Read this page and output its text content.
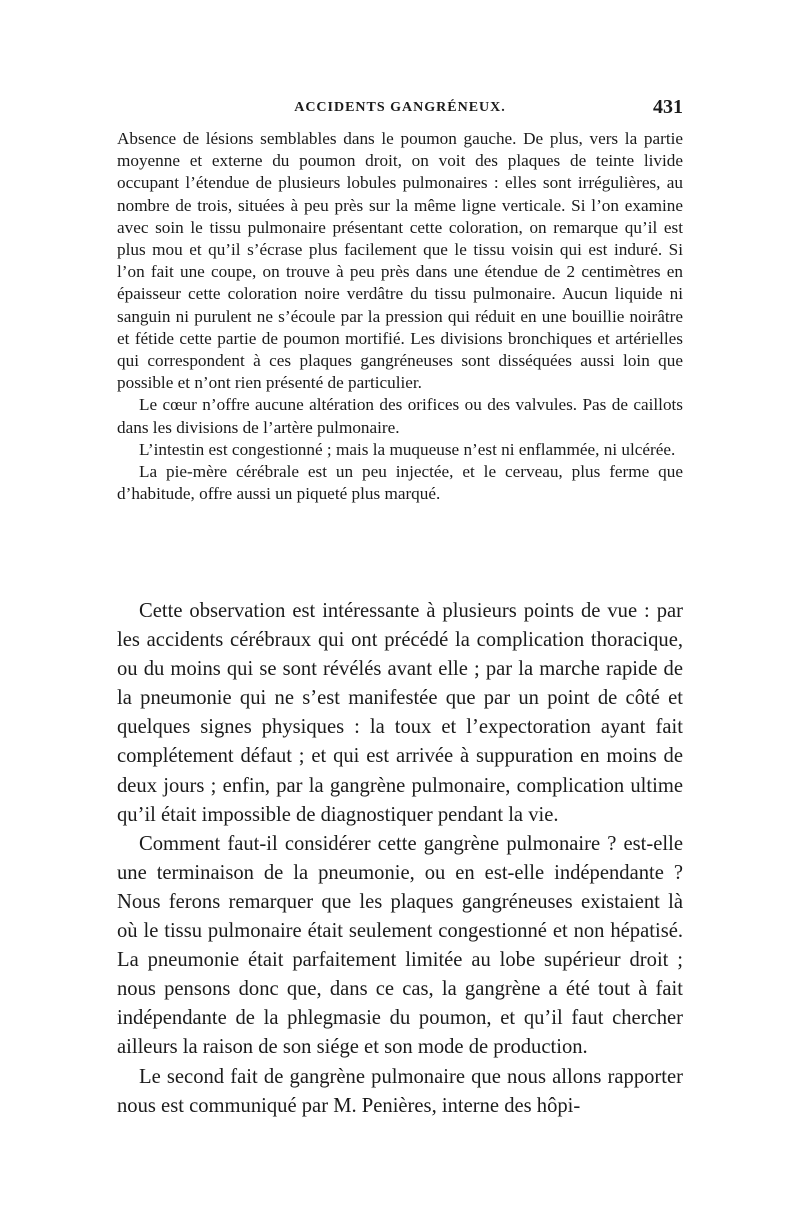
ACCIDENTS GANGRÉNEUX.	431

Absence de lésions semblables dans le poumon gauche. De plus, vers la partie moyenne et externe du poumon droit, on voit des plaques de teinte livide occupant l’étendue de plusieurs lobules pulmonaires : elles sont irrégulières, au nombre de trois, situées à peu près sur la même ligne verticale. Si l’on examine avec soin le tissu pulmonaire présentant cette coloration, on remarque qu’il est plus mou et qu’il s’écrase plus facilement que le tissu voisin qui est induré. Si l’on fait une coupe, on trouve à peu près dans une étendue de 2 centimètres en épaisseur cette coloration noire verdâtre du tissu pulmonaire. Aucun liquide ni sanguin ni purulent ne s’écoule par la pression qui réduit en une bouillie noirâtre et fétide cette partie de poumon mortifié. Les divisions bronchiques et artérielles qui correspondent à ces plaques gangréneuses sont disséquées aussi loin que possible et n’ont rien présenté de particulier.

Le cœur n’offre aucune altération des orifices ou des valvules. Pas de caillots dans les divisions de l’artère pulmonaire.

L’intestin est congestionné ; mais la muqueuse n’est ni enflammée, ni ulcérée.

La pie-mère cérébrale est un peu injectée, et le cerveau, plus ferme que d’habitude, offre aussi un piqueté plus marqué.

Cette observation est intéressante à plusieurs points de vue : par les accidents cérébraux qui ont précédé la complication thoracique, ou du moins qui se sont révélés avant elle ; par la marche rapide de la pneumonie qui ne s’est manifestée que par un point de côté et quelques signes physiques : la toux et l’expectoration ayant fait complétement défaut ; et qui est arrivée à suppuration en moins de deux jours ; enfin, par la gangrène pulmonaire, complication ultime qu’il était impossible de diagnostiquer pendant la vie.

Comment faut-il considérer cette gangrène pulmonaire ? est-elle une terminaison de la pneumonie, ou en est-elle indépendante ? Nous ferons remarquer que les plaques gangréneuses existaient là où le tissu pulmonaire était seulement congestionné et non hépatisé. La pneumonie était parfaitement limitée au lobe supérieur droit ; nous pensons donc que, dans ce cas, la gangrène a été tout à fait indépendante de la phlegmasie du poumon, et qu’il faut chercher ailleurs la raison de son siége et son mode de production.

Le second fait de gangrène pulmonaire que nous allons rapporter nous est communiqué par M. Penières, interne des hôpi-
